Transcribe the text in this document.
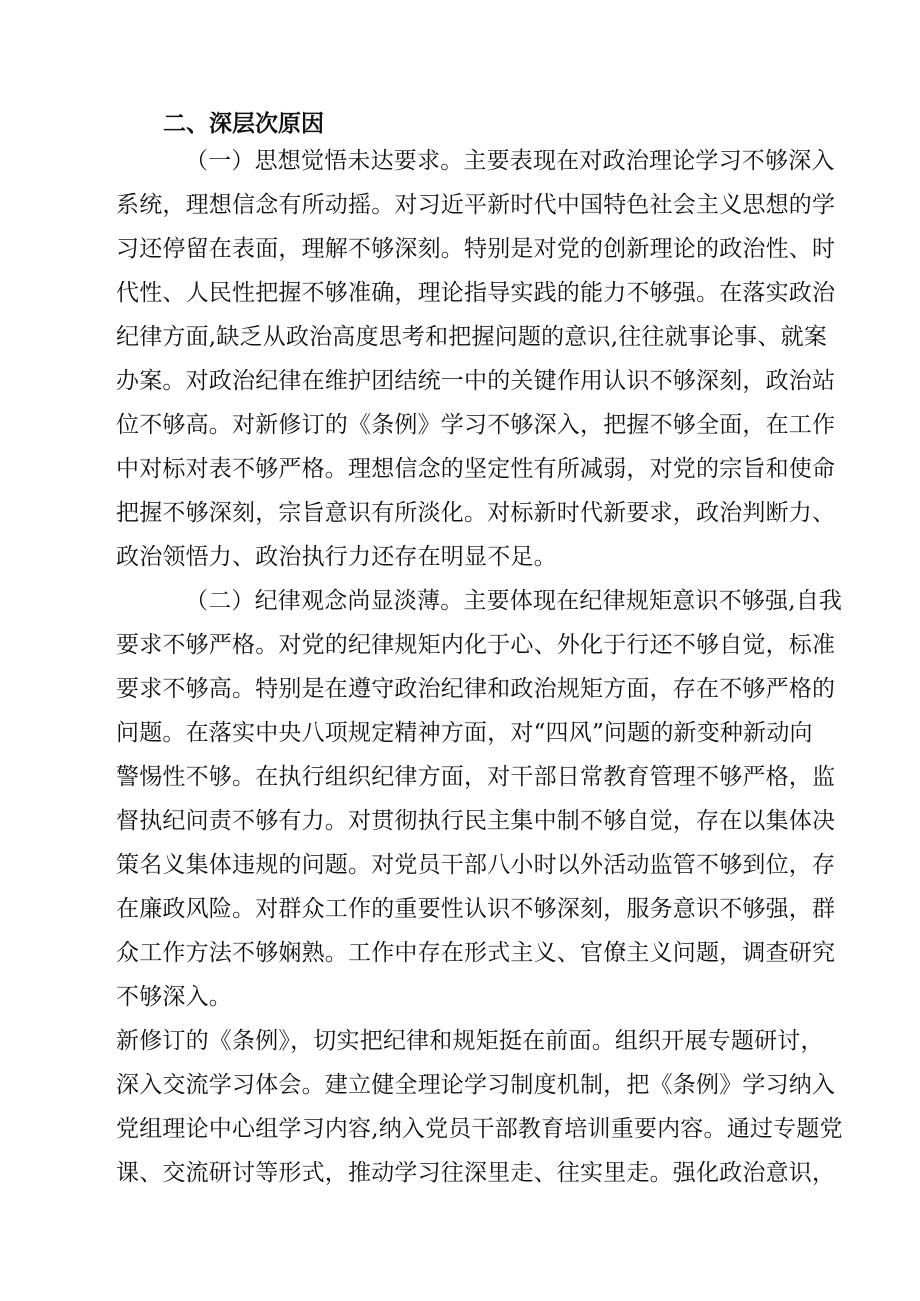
二、深层次原因
（一）思想觉悟未达要求。主要表现在对政治理论学习不够深入
系统，理想信念有所动摇。对习近平新时代中国特色社会主义思想的学
习还停留在表面，理解不够深刻。特别是对党的创新理论的政治性、时
代性、人民性把握不够准确，理论指导实践的能力不够强。在落实政治
纪律方面,缺乏从政治高度思考和把握问题的意识,往往就事论事、就案
办案。对政治纪律在维护团结统一中的关键作用认识不够深刻，政治站
位不够高。对新修订的《条例》学习不够深入，把握不够全面，在工作
中对标对表不够严格。理想信念的坚定性有所减弱，对党的宗旨和使命
把握不够深刻，宗旨意识有所淡化。对标新时代新要求，政治判断力、
政治领悟力、政治执行力还存在明显不足。
（二）纪律观念尚显淡薄。主要体现在纪律规矩意识不够强,自我
要求不够严格。对党的纪律规矩内化于心、外化于行还不够自觉，标准
要求不够高。特别是在遵守政治纪律和政治规矩方面，存在不够严格的
问题。在落实中央八项规定精神方面，对“四风”问题的新变种新动向
警惕性不够。在执行组织纪律方面，对干部日常教育管理不够严格，监
督执纪问责不够有力。对贯彻执行民主集中制不够自觉，存在以集体决
策名义集体违规的问题。对党员干部八小时以外活动监管不够到位，存
在廉政风险。对群众工作的重要性认识不够深刻，服务意识不够强，群
众工作方法不够娴熟。工作中存在形式主义、官僚主义问题，调查研究
不够深入。
新修订的《条例》，切实把纪律和规矩挺在前面。组织开展专题研讨，
深入交流学习体会。建立健全理论学习制度机制，把《条例》学习纳入
党组理论中心组学习内容,纳入党员干部教育培训重要内容。通过专题党
课、交流研讨等形式，推动学习往深里走、往实里走。强化政治意识，
